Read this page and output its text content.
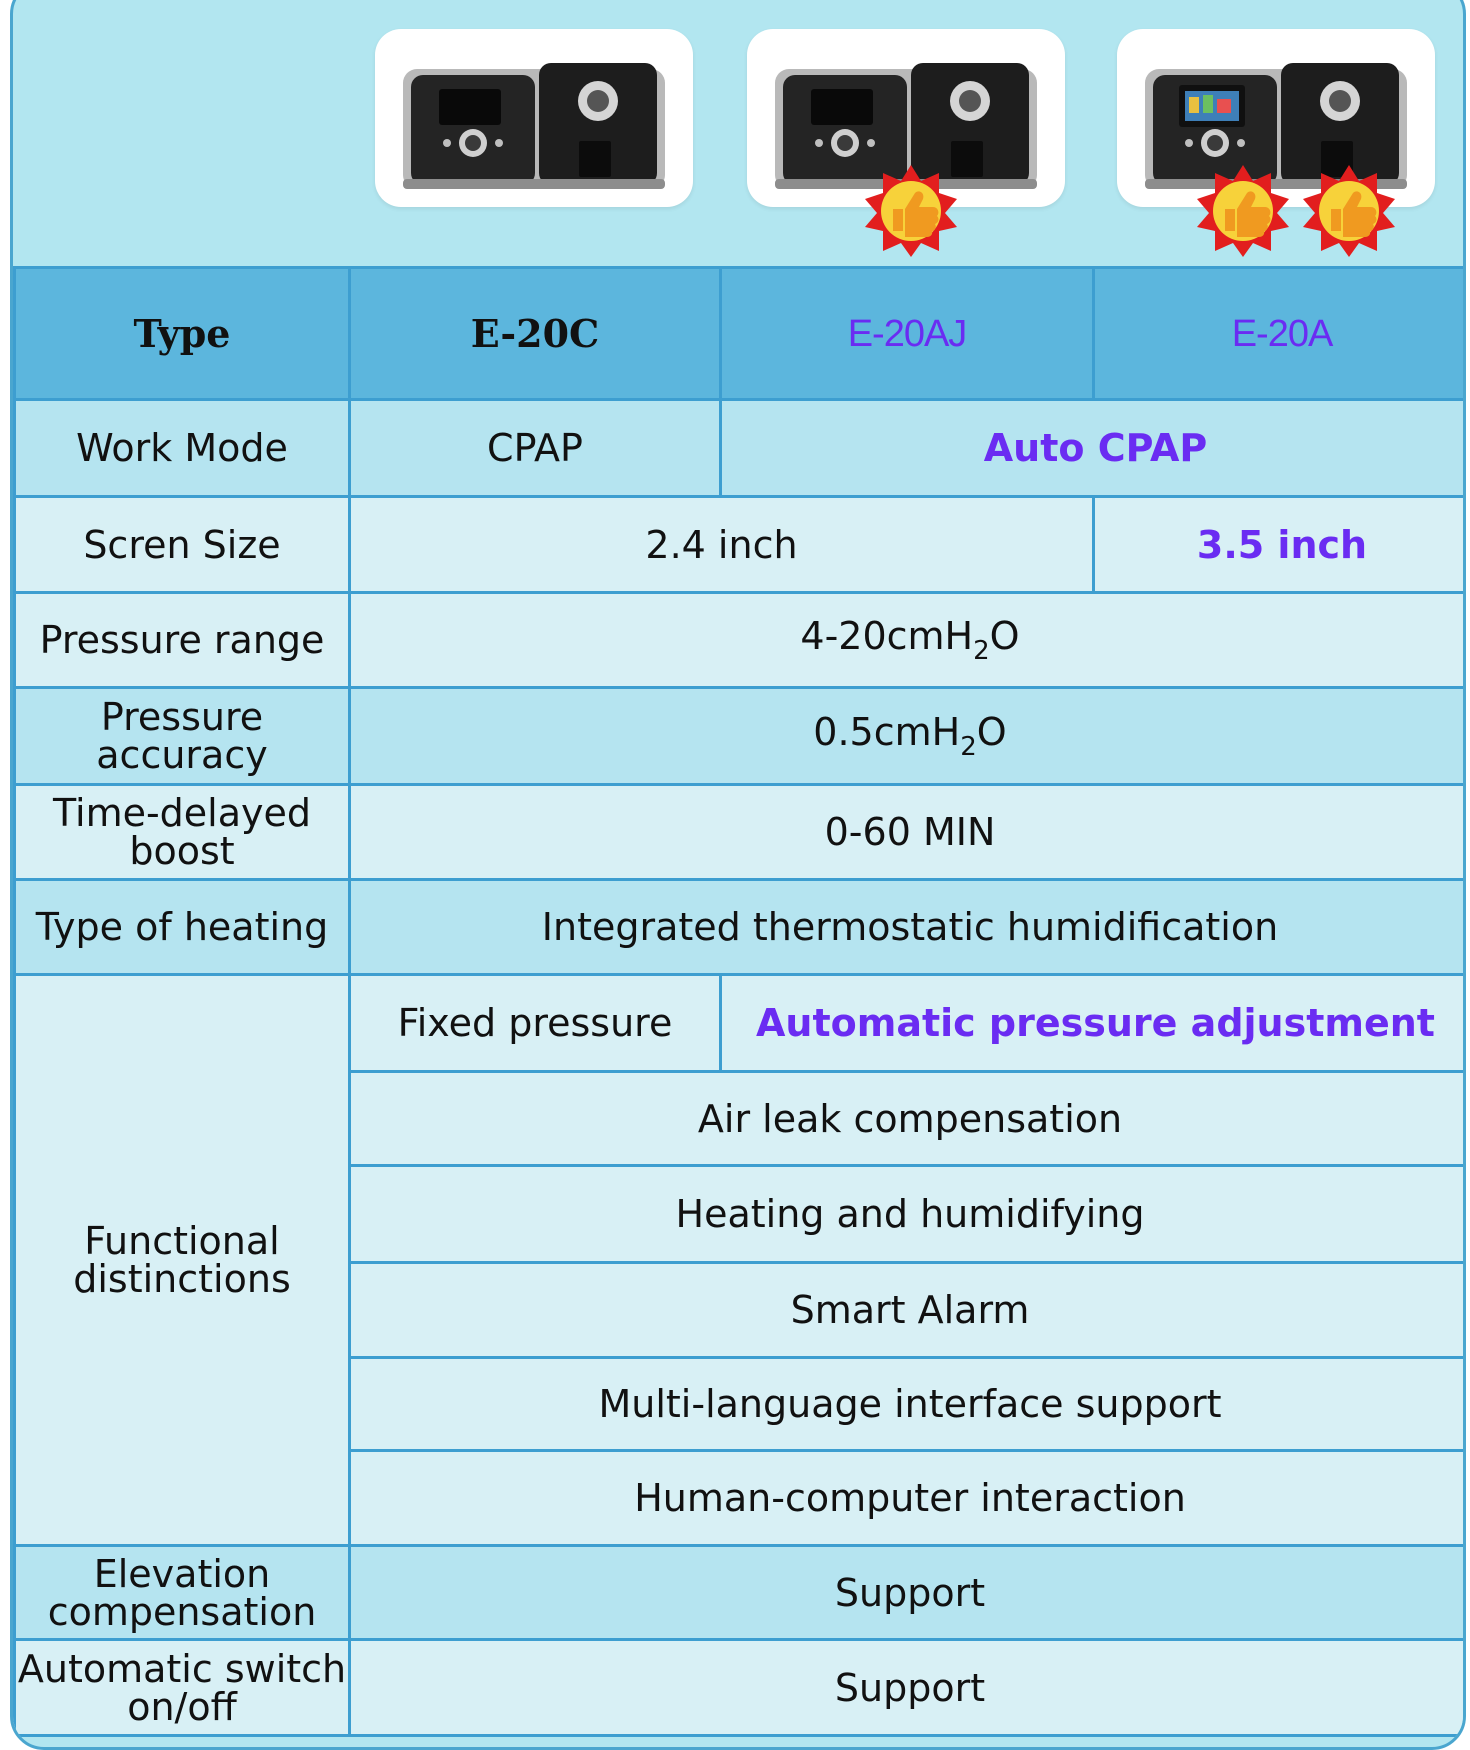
Type	E-20C	E-20AJ	E-20A
Work Mode	CPAP	Auto CPAP	
Scren Size	2.4 inch		3.5 inch
Pressure range	4-20cmH$_2$O		
Pressure accuracy	0.5cmH$_2$O		
Time-delayed boost	0-60 MIN		
Type of heating	Integrated thermostatic humidification		
Functional distinctions	Fixed pressure	Automatic pressure adjustment	
	Air leak compensation		
	Heating and humidifying		
	Smart Alarm		
	Multi-language interface support		
	Human-computer interaction		
Elevation compensation	Support		
Automatic switch on/off	Support		
